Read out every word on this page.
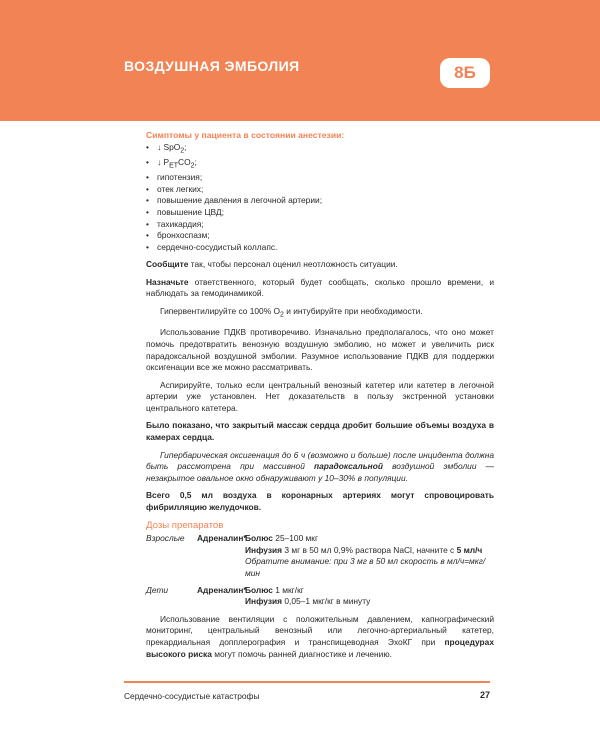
ВОЗДУШНАЯ ЭМБОЛИЯ	8Б
Симптомы у пациента в состоянии анестезии:
• ↓ SpO$_2$;
• ↓ $P_{ET}CO_2$;
• гипотензия;
• отек легких;
• повышение давления в легочной артерии;
• повышение ЦВД;
• тахикардия;
• бронхоспазм;
• сердечно-сосудистый коллапс.

Сообщите так, чтобы персонал оценил неотложность ситуации.

Назначьте ответственного, который будет сообщать, сколько прошло времени, и наблюдать за гемодинамикой.

Гипервентилируйте со 100% $O_2$ и интубируйте при необходимости.

Использование ПДКВ противоречиво. Изначально предполагалось, что оно может помочь предотвратить венозную воздушную эмболию, но может и увеличить риск парадоксальной воздушной эмболии. Разумное использование ПДКВ для поддержки оксигенации все же можно рассматривать.

Аспирируйте, только если центральный венозный катетер или катетер в легочной артерии уже установлен. Нет доказательств в пользу экстренной установки центрального катетера.

Было показано, что закрытый массаж сердца дробит большие объемы воздуха в камерах сердца.

Гипербарическая оксигенация до 6 ч (возможно и больше) после инцидента должна быть рассмотрена при массивной парадоксальной воздушной эмболии — незакрытое овальное окно обнаруживают у 10–30% в популяции.

Всего 0,5 мл воздуха в коронарных артериях могут спровоцировать фибрилляцию желудочков.

Дозы препаратов
Взрослые	Адреналин*
Болюс 25–100 мкг
Инфузия 3 мг в 50 мл 0,9% раствора NaCl, начните с 5 мл/ч
Обратите внимание: при 3 мг в 50 мл скорость в мл/ч=мкг/мин
Дети	Адреналин*
Болюс 1 мкг/кг
Инфузия 0,05–1 мкг/кг в минуту

Использование вентиляции с положительным давлением, капнографический мониторинг, центральный венозный или легочно-артериальный катетер, прекардиальная допплерография и транспищеводная ЭхоКГ при процедурах высокого риска могут помочь ранней диагностике и лечению.

Сердечно-сосудистые катастрофы	27
